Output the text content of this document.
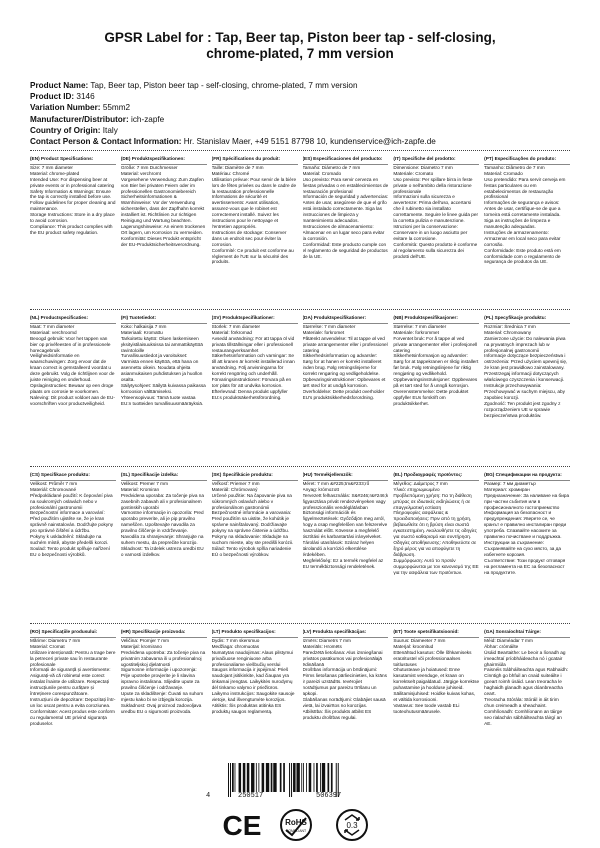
GPSR Label for : Tap, Beer tap, Piston beer tap - self-closing,
chrome-plated, 7 mm version
Product Name: Tap, Beer tap, Piston beer tap - self-closing, chrome-plated, 7 mm version
Product ID: 3146
Variation Number: 55mm2
Manufacturer/Distributor: ich-zapfe
Country of Origin: Italy
Contact Person & Contact Information: Hr. Stanislav Maer, +49 5151 87798 10, kundenservice@ich-zapfe.de
(EN) Product Specifications:
Size: 7 mm diameter
Material: chrome-plated
Intended Use: For dispensing beer at private events or in professional catering
Safety Information & Warnings: Ensure the tap is correctly installed before use. Follow guidelines for proper cleaning and maintenance.
Storage Instructions: Store in a dry place to avoid corrosion.
Compliance: This product complies with the EU product safety regulation.
(DE) Produktspezifikationen:
Größe: 7 mm Durchmesser
Material: verchromt
Vorgesehene Verwendung: Zum Zapfen von Bier bei privaten Feiern oder im professionellen Gastronomiebereich
Sicherheitsinformationen & Warnhinweise: Vor der Verwendung sicherstellen, dass der Zapfhahn korrekt installiert ist. Richtlinien zur richtigen Reinigung und Wartung beachten.
Lagerungshinweise: An einem trockenen Ort lagern, um Korrosion zu vermeiden.
Konformität: Dieses Produkt entspricht der EU-Produktsicherheitsverordnung.
(FR) Spécifications du produit:
Taille: Diamètre de 7 mm
Matériau: Chromé
Utilisation prévue: Pour servir de la bière lors de fêtes privées ou dans le cadre de la restauration professionnelle
Informations de sécurité et avertissements: Avant utilisation, assurez-vous que le robinet est correctement installé. Suivez les instructions pour le nettoyage et l'entretien appropriés.
Instructions de stockage: Conserver dans un endroit sec pour éviter la corrosion.
Conformité: Ce produit est conforme au règlement de l'UE sur la sécurité des produits.
(ES) Especificaciones del producto:
Tamaño: Diámetro de 7 mm
Material: Cromado
Uso previsto: Para servir cerveza en fiestas privadas o en establecimientos de restauración profesional
Información de seguridad y advertencias: Antes de usar, asegúrese de que el grifo está instalado correctamente. Siga las instrucciones de limpieza y mantenimiento adecuados.
Instrucciones de almacenamiento: Almacenar en un lugar seco para evitar la corrosión.
Conformidad: Este producto cumple con el reglamento de seguridad de productos de la UE.
(IT) Specifiche del prodotto:
Dimensione: Diametro 7 mm
Materiale: Cromato
Uso previsto: Per spillare birra in feste private o nell'ambito della ristorazione professionale
Informazioni sulla sicurezza e avvertenze: Prima dell'uso, accertarsi che il rubinetto sia installato correttamente. Seguire le linee guida per la corretta pulizia e manutenzione.
Istruzioni per la conservazione: Conservare in un luogo asciutto per evitare la corrosione.
Conformità: Questo prodotto è conforme al regolamento sulla sicurezza dei prodotti dell'UE.
(PT) Especificações do produto:
Tamanho: Diâmetro de 7 mm
Material: Cromado
Uso pretendido: Para servir cerveja em festas particulares ou em estabelecimentos de restauração profissional
Informações de segurança e avisos: Antes de usar, certifique-se de que a torneira está corretamente instalada. Siga as instruções de limpeza e manutenção adequadas.
Instruções de armazenamento: Armazenar em local seco para evitar corrosão.
Conformidade: Este produto está em conformidade com o regulamento de segurança de produtos da UE.
(NL) Productspecificaties:
Maat: 7 mm diameter
Materiaal: verchroomd
Beoogd gebruik: Voor het tappen van bier op privéfeesten of in professionele horecagebruik
Veiligheidsinformatie en waarschuwingen: Zorg ervoor dat de kraan correct is geïnstalleerd voordat u deze gebruikt. Volg de richtlijnen voor de juiste reiniging en onderhoud.
Opslaginstructies: Bewaar op een droge plaats om corrosie te voorkomen.
Naleving: Dit product voldoet aan de EU-voorschriften voor productveiligheid.
(FI) Tuotetiedot:
Koko: halkaisija 7 mm
Materiaali: Kromattu
Tarkoitettu käyttö: Oluen laskemiseen yksityistilaisuuksissa tai ammattikäyttöä ravintoloille
Turvallisuustiedot ja varoitukset: Varmista ennen käyttöä, että hana on asennettu oikein. Noudata ohjeita asianmukaisen puhdistuksen ja huollon osalta.
Säilytysohjeet: Säilytä kuivassa paikassa korroosion välttämiseksi.
Yhteensopivuus: Tämä tuote vastaa EU:n tuotteiden turvallisuusmääräyksiä.
(SV) Produktspecifikationer:
Storlek: 7 mm diameter
Material: förkromad
Avsedd användning: För att tappa öl vid privata tillställningar eller i professionell restaurangverksamhet
Säkerhetsinformation och varningar: Se till att kranen är korrekt installerad innan användning. Följ anvisningarna för korrekt rengöring och underhåll.
Förvaringsinstruktioner: Förvara på en torr plats för att undvika korrosion.
Efterlevnad: Denna produkt uppfyller EU:s produktsäkerhetsförordning.
(DA) Produktspecifikationer:
Størrelse: 7 mm diameter
Materiale: forkromet
Påtænkt anvendelse: Til at tappe øl ved private arrangementer eller i professionel catering
Sikkerhedsinformation og advarsler: Sørg for at hanen er korrekt installeret inden brug. Følg retningslinjerne for korrekt rengøring og vedligeholdelse.
Opbevaringsinstruktioner: Opbevares et tørt sted for at undgå korrosion.
Overholdelse: Dette produkt overholder EU's produktsikkerhedsforordning.
(NB) Produktspesifikasjoner:
Størrelse: 7 mm diameter
Materiale: forkrommet
Forventet bruk: For å tappe øl ved private arrangementer eller i profesjonell catering
Sikkerhetsinformasjon og advarsler: Sørg for at tappekranen er riktig installert før bruk. Følg retningslinjene for riktig rengjøring og vedlikehold.
Oppbevaringsinstruksjoner: Oppbevares på et tørt sted for å unngå korrosjon.
Overensstemmelse: Dette produktet oppfyller EUs forskrift om produktsikkerhet.
(PL) Specyfikacje produktu:
Rozmiar: Średnica 7 mm
Materiał: Chromowany
Zamierzone użycie: Do nalewania piwa na prywatnych imprezach lub w profesjonalnej gastronomii
Informacje dotyczące bezpieczeństwa i ostrzeżenia: Przed użyciem upewnij się, że kran jest prawidłowo zainstalowany. Przestrzegaj informacji dotyczących właściwego czyszczenia i konserwacji.
Instrukcje przechowywania: Przechowywać w suchym miejscu, aby zapobiec korozji.
Zgodność: Ten produkt jest zgodny z rozporządzeniem UE w sprawie bezpieczeństwa produktów.
(CS) Specifikace produktu:
Velikost: Průměr 7 mm
Materiál: Chromované
Předpokládané použití: K čepování piva na soukromých oslavách nebo v profesionální gastronomii
Bezpečnostní informace a varování: Před použitím ujistěte se, že je kran správně nainstalován. Dodržujte pokyny pro správné čištění a údržbu.
Pokyny k uskladnění: Skladujte na suchém místě, abyste předešli korozi.
Soulad: Tento produkt splňuje nařízení EU o bezpečnosti výrobků.
(SL) Specifikacije izdelka:
Velikost: Premer 7 mm
Material: Kromiran
Predvidena uporaba: Za točenje piva na zasebnih zabavah ali v profesionalnem gostinskih uporabi
Varnostne informacije in opozorila: Pred uporabo preverite, ali je pip pravilno nameščen. Upoštevajte navodila za pravilno čiščenje in vzdrževanje.
Navodila za shranjevanje: Shranjujte na suhem mestu, da preprečite korozijo.
Skladnost: Ta izdelek ustreza uredbi EU o varnosti izdelkov.
(SK) Špecifikácie produktu:
Veľkosť: Priemer 7 mm
Materiál: Chrómovaný
Určené použitie: Na čapovanie piva na súkromných oslavách alebo v profesionálnom gastronómii
Bezpečnostné informácie a varovania: Pred použitím sa uistite, že kohútik je správne nainštalovaný. Dodržiavajte pokyny na správne čistenie a údržbu.
Pokyny na skladovanie: Skladujte na suchom mieste, aby ste predišli korózii.
Súlad: Tento výrobok spĺňa nariadenie EÚ o bezpečnosti výrobkov.
(HU) Termékjellemzők:
Méret: 7 mm &#225;tm&#233;rő
Anyag: krómozott
Tervezett felhasználás: S&#246;r&#246;k figyasztása privát rendezvényeken vagy professzionális vendéglátásban
Biztonsági információk és figyelmeztetések: Győződjön meg arról, hogy a csap megfelelően van felszerelve használat előtt. Kövesse a megfelelő tisztítási és karbantartási irányelveket.
Tárolási utasítások: Száraz helyen tárolandó a korrózió elkerülése érdekében.
Megfelelőség: Ez a termék megfelel az EU termékbiztonsági rendeletének.
(EL) Προδιαγραφές προϊόντος:
Μέγεθος: Διάμετρος 7 mm
Υλικό: επιχρωμιωμένο
Προβλεπόμενη χρήση: Για τη διάθεση μπύρας σε ιδιωτικές εκδηλώσεις ή σε επαγγελματική εστίαση
Πληροφορίες ασφάλειας & προειδοποιήσεις: Πριν από τη χρήση, βεβαιωθείτε ότι η βρύση είναι σωστά εγκατεστημένη. Ακολουθήστε τις οδηγίες για σωστό καθαρισμό και συντήρηση.
Οδηγίες αποθήκευσης: Αποθηκεύστε σε ξηρό μέρος για να αποφύγετε τη διάβρωση.
Συμμόρφωση: Αυτό το προϊόν συμμορφώνεται με τον κανονισμό της ΕΕ για την ασφάλεια των προϊόντων.
(BG) Спецификации на продукта:
Размер: 7 мм диаметър
Материал: хромиран
Предназначение: За наливане на бира при частни събития или в професионалното гостоприемство
Информация за безопасност и предупреждения: Уверете се, че кранът е правилно инсталиран преди употреба. Спазвайте насоките за правилно почистване и поддръжка.
Инструкции за съхранение: Съхранявайте на сухо място, за да избегнете корозия.
Съответствие: Този продукт отговаря на регламента на ЕС за безопасност на продуктите.
(RO) Specificațiile produsului:
Mărime: Diametru 7 mm
Material: Cromat
Utilizare intenționată: Pentru a trage bere la petreceri private sau în restaurante profesionale
Informații de siguranță și avertismente: Asigurați-vă că robinetul este corect instalat înainte de utilizare. Respectați instrucțiunile pentru curățare și întreținere corespunzătoare.
Instrucțiuni de depozitare: Depozitați într-un loc uscat pentru a evita coroziunea.
Conformitate: Acest produs este conform cu regulamentul UE privind siguranța produselor.
(HR) Specifikacije proizvoda:
Veličina: Promjer 7 mm
Materijal: kromirano
Predviđena upotreba: Za točenje piva na privatnim zabavama ili u profesionalnoj ugostiteljskoj djelatnosti
Sigurnosne informacije i upozorenja: Prije upotrebe provjerite je li slavina ispravno instalirana. Slijedite upute za pravilno čišćenje i održavanje.
Upute za skladištenje: Čuvati na suhom mjestu kako bi se izbjegla korozija.
Sukladnost: Ovaj proizvod zadovoljava uredbu EU o sigurnosti proizvoda.
(LT) Produkto specifikacijos:
Dydis: 7 mm skersmuo
Medžiaga: chromuotas
Numatytas naudojimas: Alaus pilstymui privačiuose renginiuose arba profesionaliame viešbučių verslui
Saugos informacija ir įspėjimai: Prieš naudojant įsitikinkite, kad čiaupas yra tinkamai įrengtas. Laikykitės nurodymų dėl tinkamo valymo ir priežiūros.
Laikymo instrukcijos: Saugokite sausoje vietoje, kad išvengtumėte korozijos.
Atitiktis: Šis produktas atitinka ES produktų saugos reglamentą.
(LV) Produkta specifikācijas:
Izmērs: Diametrs 7 mm
Materiāls: Hromēts
Paredzētā lietošana: Alus izsniegšanai privātos pasākumos vai profesionālajā ēdināšanā
Drošības informācija un brīdinājumi: Pirms lietošanas pārliecinieties, ka krāns ir pareizi uzstādīts. Ievērojiet norādījumus par pareizu tīrīšanu un apkopi.
Glabāšanas norādījumi: Glabājiet sausā vietā, lai izvairītos no korozijas.
Atbilstība: Šis produkts atbilst ES produktu drošības regulai.
(ET) Toote spetsifikatsioonid:
Suurus: Diameeter 7 mm
Materjal: kroomitud
Ettenähtud kasutus: Õlle lõhkamiseks eraüritustel või professionaalses toitlustuses
Ohutusteave ja hoiatused: Enne kasutamist veenduge, et kraan on korrektselt paigaldatud. Järgige korrektse puhastamise ja hoolduse juhiseid.
Säilitamisjuhised: Hoidke kuivas kohas, et vältida korrosiooni.
Vastavus: See toode vastab ELi tooteohutusmäärusele.
(GA) Sonraíochtaí Táirge:
Méid: Diaméadar 7 mm
Ábhar: crómáilte
Úsáid Beartaithe: Le beoir a líonadh ag imeachtaí príobháideacha nó i gcatair ghairmiúla
Faisnéis Sábháilteachta agus Rabhaidh: Cinntigh go bhfuil an cnaid suiteáilte i gceart roimh úsáid. Lean treoracha le haghaidh glanadh agus dóanbreactha ceart.
Treoracha Stórála: Stóráil in áit tirim chun creimeadh a sheachaint.
Comhlíonadh: Comhlíonann an táirge seo rialachán sábháilteachta táirgí an AE.
4	250517	506397
CE	RoHS
COMPLIANT
0.3
